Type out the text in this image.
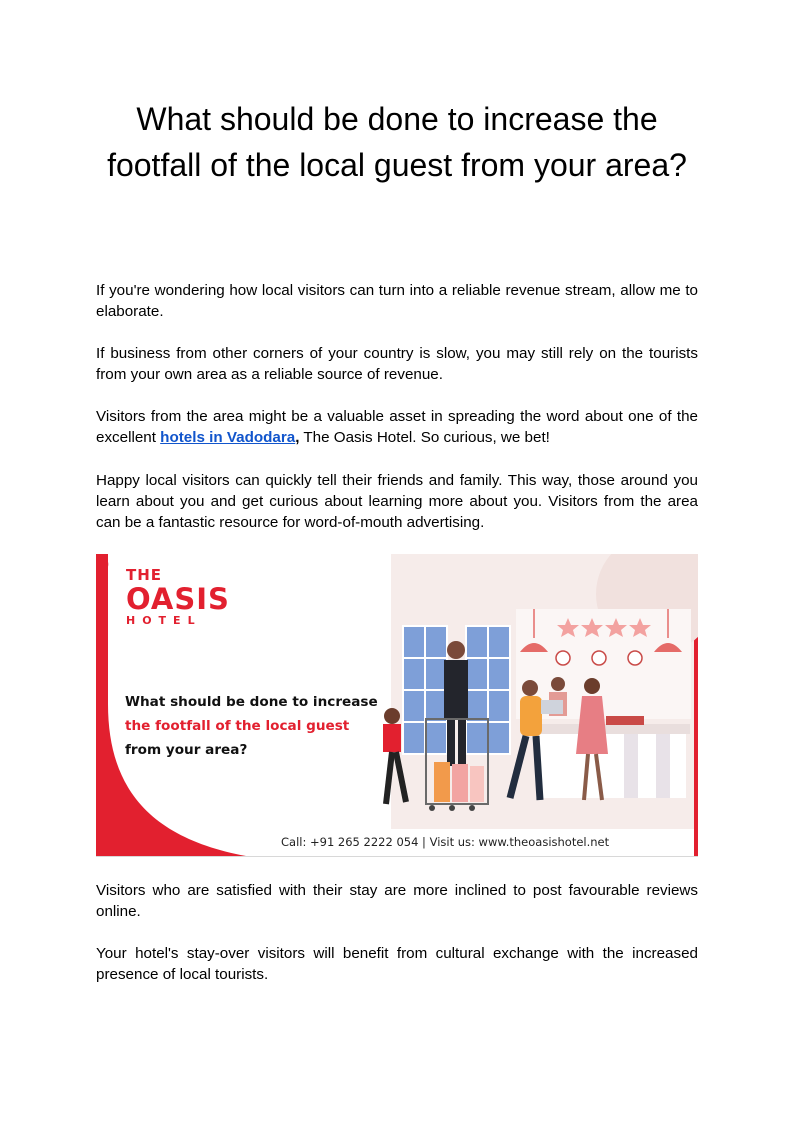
What should be done to increase the footfall of the local guest from your area?

If you're wondering how local visitors can turn into a reliable revenue stream, allow me to elaborate.

If business from other corners of your country is slow, you may still rely on the tourists from your own area as a reliable source of revenue.

Visitors from the area might be a valuable asset in spreading the word about one of the excellent hotels in Vadodara, The Oasis Hotel. So curious, we bet!

Happy local visitors can quickly tell their friends and family. This way, those around you learn about you and get curious about learning more about you. Visitors from the area can be a fantastic resource for word-of-mouth advertising.

THE
OASIS
HOTEL
What should be done to increase
the footfall of the local guest
from your area?
Call: +91 265 2222 054 | Visit us: www.theoasishotel.net

Visitors who are satisfied with their stay are more inclined to post favourable reviews online.

Your hotel's stay-over visitors will benefit from cultural exchange with the increased presence of local tourists.
